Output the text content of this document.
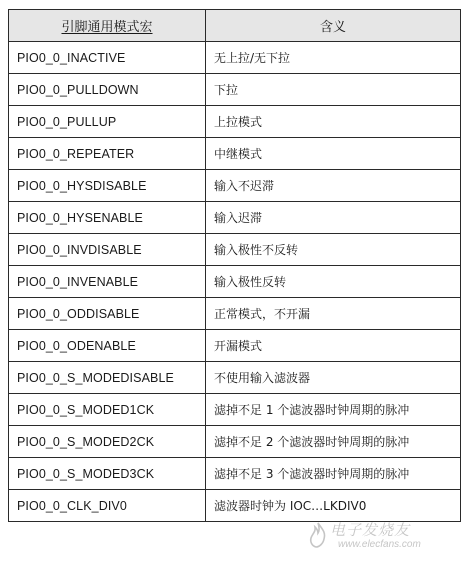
引脚通用模式宏	含义
PIO0_0_INACTIVE	无上拉/无下拉
PIO0_0_PULLDOWN	下拉
PIO0_0_PULLUP	上拉模式
PIO0_0_REPEATER	中继模式
PIO0_0_HYSDISABLE	输入不迟滞
PIO0_0_HYSENABLE	输入迟滞
PIO0_0_INVDISABLE	输入极性不反转
PIO0_0_INVENABLE	输入极性反转
PIO0_0_ODDISABLE	正常模式，不开漏
PIO0_0_ODENABLE	开漏模式
PIO0_0_S_MODEDISABLE	不使用输入滤波器
PIO0_0_S_MODED1CK	滤掉不足 1 个滤波器时钟周期的脉冲
PIO0_0_S_MODED2CK	滤掉不足 2 个滤波器时钟周期的脉冲
PIO0_0_S_MODED3CK	滤掉不足 3 个滤波器时钟周期的脉冲
PIO0_0_CLK_DIV0	滤波器时钟为 IOC…LKDIV0
电子发烧友
www.elecfans.com
